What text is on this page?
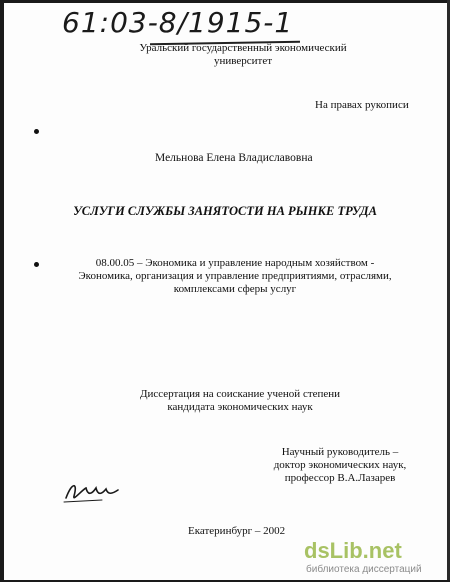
61:03-8/1915-1
Уральский государственный экономический
университет
На правах рукописи
Мельнова Елена Владиславовна
УСЛУГИ СЛУЖБЫ ЗАНЯТОСТИ НА РЫНКЕ ТРУДА
08.00.05 – Экономика и управление народным хозяйством -
Экономика, организация и управление предприятиями, отраслями,
комплексами сферы услуг
Диссертация на соискание ученой степени
кандидата экономических наук
Научный руководитель –
доктор экономических наук,
профессор В.А.Лазарев
Екатеринбург – 2002
dsLib.net
библиотека диссертаций
